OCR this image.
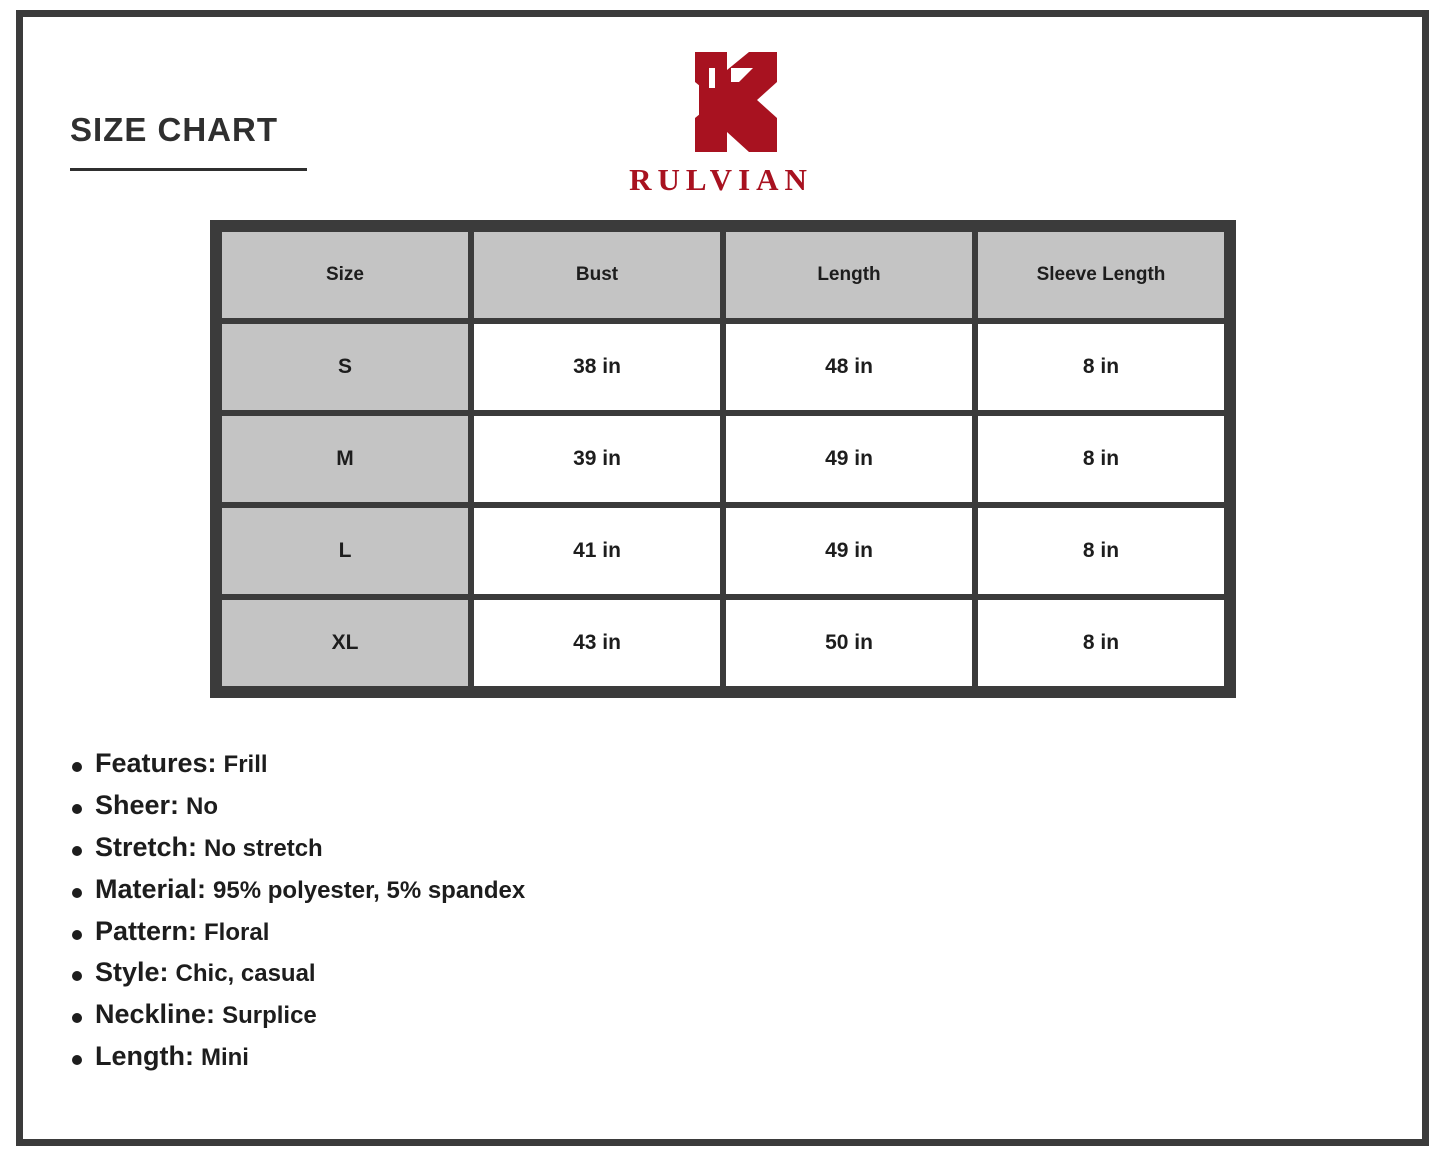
SIZE CHART
RULVIAN
Size	Bust	Length	Sleeve Length
S	38 in	48 in	8 in
M	39 in	49 in	8 in
L	41 in	49 in	8 in
XL	43 in	50 in	8 in
Features: Frill
Sheer: No
Stretch: No stretch
Material: 95% polyester, 5% spandex
Pattern: Floral
Style: Chic, casual
Neckline: Surplice
Length: Mini
